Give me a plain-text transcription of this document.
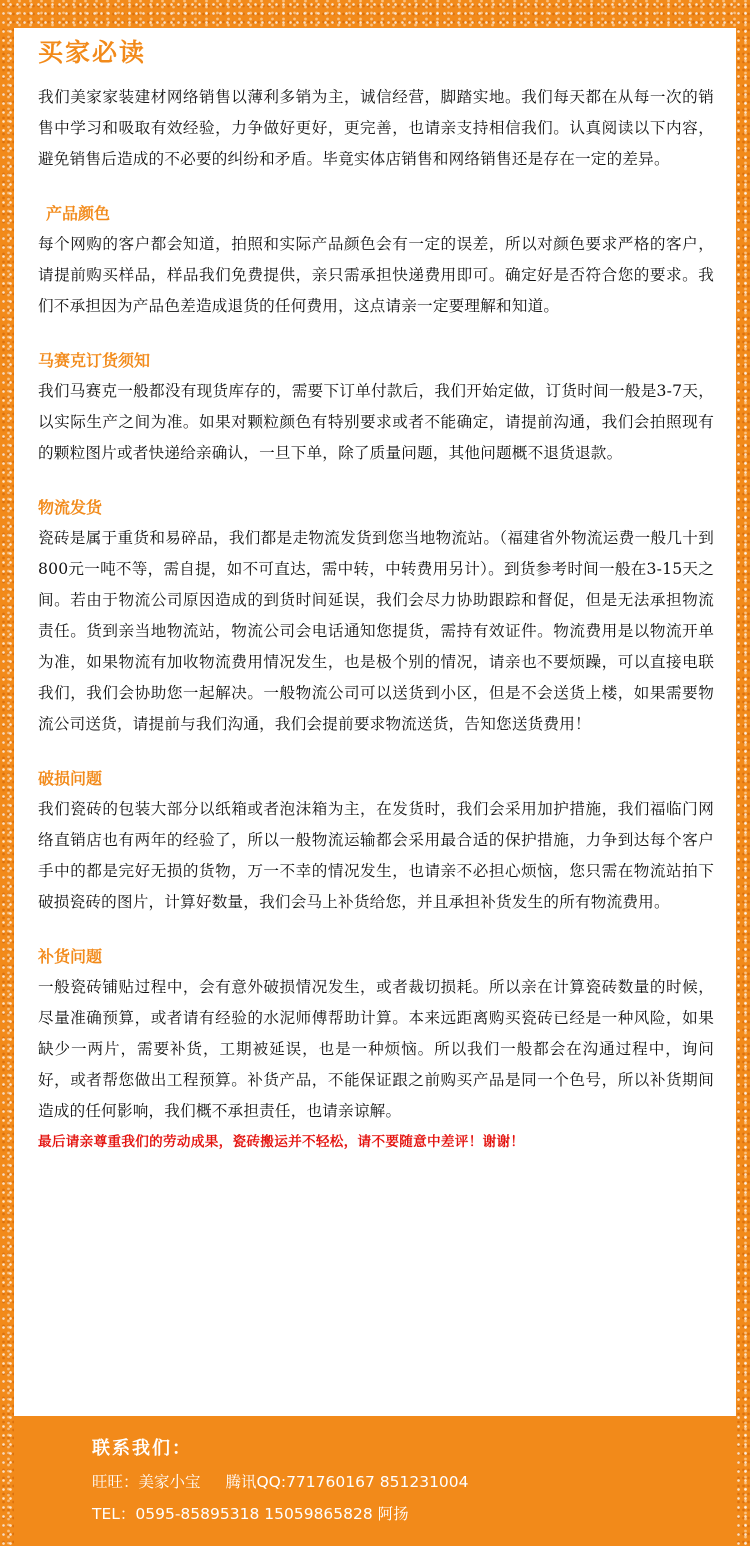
买家必读

我们美家家装建材网络销售以薄利多销为主，诚信经营，脚踏实地。我们每天都在从每一次的销售中学习和吸取有效经验，力争做好更好，更完善，也请亲支持相信我们。认真阅读以下内容，避免销售后造成的不必要的纠纷和矛盾。毕竟实体店销售和网络销售还是存在一定的差异。

产品颜色

每个网购的客户都会知道，拍照和实际产品颜色会有一定的误差，所以对颜色要求严格的客户，请提前购买样品，样品我们免费提供，亲只需承担快递费用即可。确定好是否符合您的要求。我们不承担因为产品色差造成退货的任何费用，这点请亲一定要理解和知道。

马赛克订货须知

我们马赛克一般都没有现货库存的，需要下订单付款后，我们开始定做，订货时间一般是3-7天，以实际生产之间为准。如果对颗粒颜色有特别要求或者不能确定，请提前沟通，我们会拍照现有的颗粒图片或者快递给亲确认，一旦下单，除了质量问题，其他问题概不退货退款。

物流发货

瓷砖是属于重货和易碎品，我们都是走物流发货到您当地物流站。（福建省外物流运费一般几十到800元一吨不等，需自提，如不可直达，需中转，中转费用另计）。到货参考时间一般在3-15天之间。若由于物流公司原因造成的到货时间延误，我们会尽力协助跟踪和督促，但是无法承担物流责任。货到亲当地物流站，物流公司会电话通知您提货，需持有效证件。物流费用是以物流开单为准，如果物流有加收物流费用情况发生，也是极个别的情况，请亲也不要烦躁，可以直接电联我们，我们会协助您一起解决。一般物流公司可以送货到小区，但是不会送货上楼，如果需要物流公司送货，请提前与我们沟通，我们会提前要求物流送货，告知您送货费用！

破损问题

我们瓷砖的包装大部分以纸箱或者泡沫箱为主，在发货时，我们会采用加护措施，我们福临门网络直销店也有两年的经验了，所以一般物流运输都会采用最合适的保护措施，力争到达每个客户手中的都是完好无损的货物，万一不幸的情况发生，也请亲不必担心烦恼，您只需在物流站拍下破损瓷砖的图片，计算好数量，我们会马上补货给您，并且承担补货发生的所有物流费用。

补货问题

一般瓷砖铺贴过程中，会有意外破损情况发生，或者裁切损耗。所以亲在计算瓷砖数量的时候，尽量准确预算，或者请有经验的水泥师傅帮助计算。本来远距离购买瓷砖已经是一种风险，如果缺少一两片，需要补货，工期被延误，也是一种烦恼。所以我们一般都会在沟通过程中，询问好，或者帮您做出工程预算。补货产品，不能保证跟之前购买产品是同一个色号，所以补货期间造成的任何影响，我们概不承担责任，也请亲谅解。

最后请亲尊重我们的劳动成果，瓷砖搬运并不轻松，请不要随意中差评！谢谢！

联系我们：

旺旺：美家小宝 腾讯QQ:771760167 851231004

TEL：0595-85895318 15059865828 阿扬
